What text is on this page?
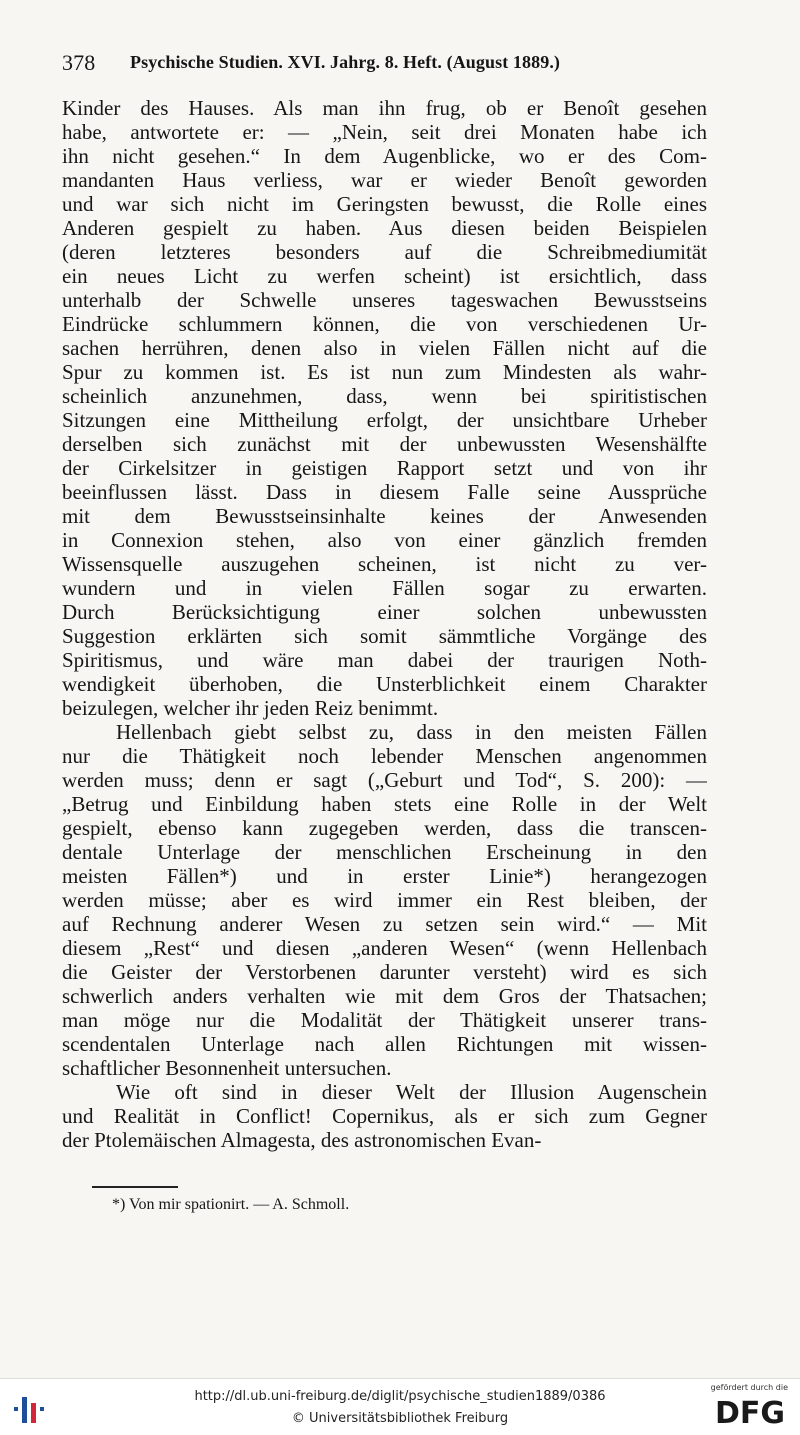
378 Psychische Studien. XVI. Jahrg. 8. Heft. (August 1889.)
Kinder des Hauses. Als man ihn frug, ob er Benoît gesehen
habe, antwortete er: — „Nein, seit drei Monaten habe ich
ihn nicht gesehen.“ In dem Augenblicke, wo er des Com-
mandanten Haus verliess, war er wieder Benoît geworden
und war sich nicht im Geringsten bewusst, die Rolle eines
Anderen gespielt zu haben. Aus diesen beiden Beispielen
(deren letzteres besonders auf die Schreibmediumität
ein neues Licht zu werfen scheint) ist ersichtlich, dass
unterhalb der Schwelle unseres tageswachen Bewusstseins
Eindrücke schlummern können, die von verschiedenen Ur-
sachen herrühren, denen also in vielen Fällen nicht auf die
Spur zu kommen ist. Es ist nun zum Mindesten als wahr-
scheinlich anzunehmen, dass, wenn bei spiritistischen
Sitzungen eine Mittheilung erfolgt, der unsichtbare Urheber
derselben sich zunächst mit der unbewussten Wesenshälfte
der Cirkelsitzer in geistigen Rapport setzt und von ihr
beeinflussen lässt. Dass in diesem Falle seine Aussprüche
mit dem Bewusstseinsinhalte keines der Anwesenden
in Connexion stehen, also von einer gänzlich fremden
Wissensquelle auszugehen scheinen, ist nicht zu ver-
wundern und in vielen Fällen sogar zu erwarten.
Durch Berücksichtigung einer solchen unbewussten
Suggestion erklärten sich somit sämmtliche Vorgänge des
Spiritismus, und wäre man dabei der traurigen Noth-
wendigkeit überhoben, die Unsterblichkeit einem Charakter
beizulegen, welcher ihr jeden Reiz benimmt.
Hellenbach giebt selbst zu, dass in den meisten Fällen
nur die Thätigkeit noch lebender Menschen angenommen
werden muss; denn er sagt („Geburt und Tod“, S. 200): —
„Betrug und Einbildung haben stets eine Rolle in der Welt
gespielt, ebenso kann zugegeben werden, dass die transcen-
dentale Unterlage der menschlichen Erscheinung in den
meisten Fällen*) und in erster Linie*) herangezogen
werden müsse; aber es wird immer ein Rest bleiben, der
auf Rechnung anderer Wesen zu setzen sein wird.“ — Mit
diesem „Rest“ und diesen „anderen Wesen“ (wenn Hellenbach
die Geister der Verstorbenen darunter versteht) wird es sich
schwerlich anders verhalten wie mit dem Gros der Thatsachen;
man möge nur die Modalität der Thätigkeit unserer trans-
scendentalen Unterlage nach allen Richtungen mit wissen-
schaftlicher Besonnenheit untersuchen.
Wie oft sind in dieser Welt der Illusion Augenschein
und Realität in Conflict! Copernikus, als er sich zum Gegner
der Ptolemäischen Almagesta, des astronomischen Evan-
*) Von mir spationirt. — A. Schmoll.
http://dl.ub.uni-freiburg.de/diglit/psychische_studien1889/0386
© Universitätsbibliothek Freiburg
gefördert durch die
DFG
